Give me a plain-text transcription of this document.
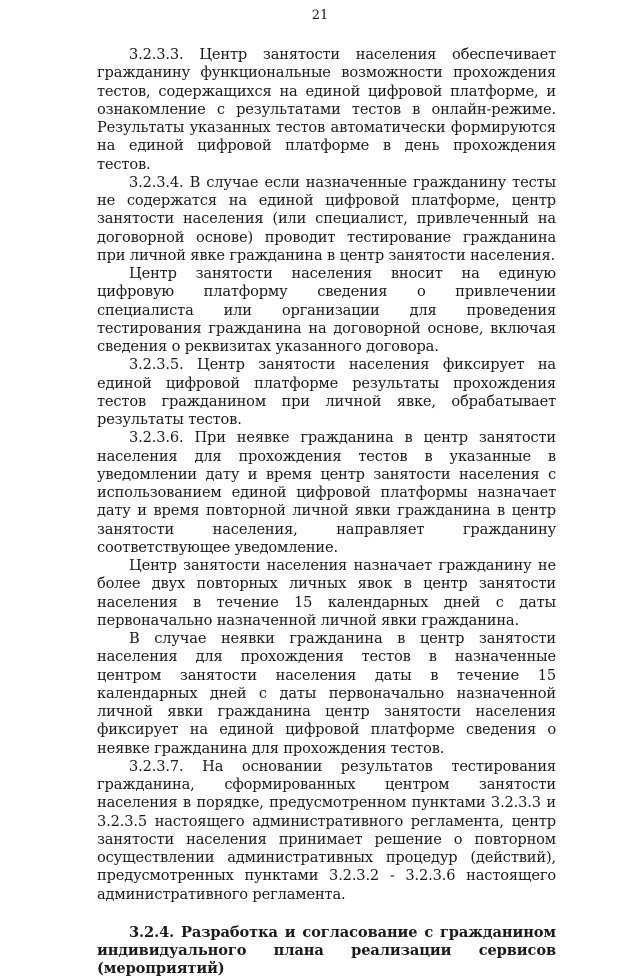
21

3.2.3.3. Центр занятости населения обеспечивает гражданину функциональные возможности прохождения тестов, содержащихся на единой цифровой платформе, и ознакомление с результатами тестов в онлайн-режиме. Результаты указанных тестов автоматически формируются на единой цифровой платформе в день прохождения тестов.

3.2.3.4. В случае если назначенные гражданину тесты не содержатся на единой цифровой платформе, центр занятости населения (или специалист, привлеченный на договорной основе) проводит тестирование гражданина при личной явке гражданина в центр занятости населения.

Центр занятости населения вносит на единую цифровую платформу сведения о привлечении специалиста или организации для проведения тестирования гражданина на договорной основе, включая сведения о реквизитах указанного договора.

3.2.3.5. Центр занятости населения фиксирует на единой цифровой платформе результаты прохождения тестов гражданином при личной явке, обрабатывает результаты тестов.

3.2.3.6. При неявке гражданина в центр занятости населения для прохождения тестов в указанные в уведомлении дату и время центр занятости населения с использованием единой цифровой платформы назначает дату и время повторной личной явки гражданина в центр занятости населения, направляет гражданину соответствующее уведомление.

Центр занятости населения назначает гражданину не более двух повторных личных явок в центр занятости населения в течение 15 календарных дней с даты первоначально назначенной личной явки гражданина.

В случае неявки гражданина в центр занятости населения для прохождения тестов в назначенные центром занятости населения даты в течение 15 календарных дней с даты первоначально назначенной личной явки гражданина центр занятости населения фиксирует на единой цифровой платформе сведения о неявке гражданина для прохождения тестов.

3.2.3.7. На основании результатов тестирования гражданина, сформированных центром занятости населения в порядке, предусмотренном пунктами 3.2.3.3 и 3.2.3.5 настоящего административного регламента, центр занятости населения принимает решение о повторном осуществлении административных процедур (действий), предусмотренных пунктами 3.2.3.2 - 3.2.3.6 настоящего административного регламента.

3.2.4. Разработка и согласование с гражданином индивидуального плана реализации сервисов (мероприятий)
